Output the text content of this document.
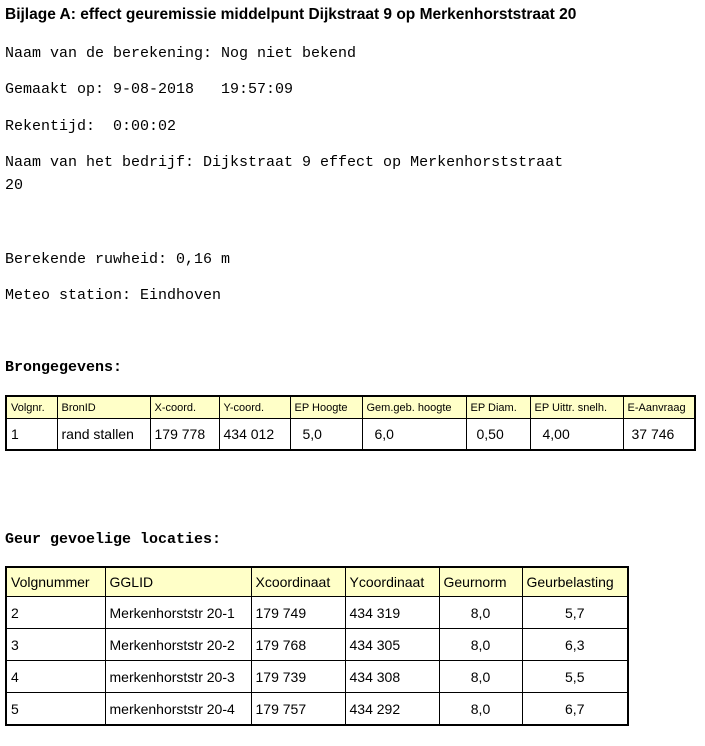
Bijlage A: effect geuremissie middelpunt Dijkstraat 9 op Merkenhorststraat 20
Naam van de berekening: Nog niet bekend
Gemaakt op: 9-08-2018   19:57:09
Rekentijd:  0:00:02
Naam van het bedrijf: Dijkstraat 9 effect op Merkenhorststraat
20
Berekende ruwheid: 0,16 m
Meteo station: Eindhoven
Brongegevens:
Volgnr.	BronID	X-coord.	Y-coord.	EP Hoogte	Gem.geb. hoogte	EP Diam.	EP Uittr. snelh.	E-Aanvraag
1	rand stallen	179 778	434 012	5,0	6,0	0,50	4,00	37 746
Geur gevoelige locaties:
Volgnummer	GGLID	Xcoordinaat	Ycoordinaat	Geurnorm	Geurbelasting
2	Merkenhorststr 20-1	179 749	434 319	8,0	5,7
3	Merkenhorststr 20-2	179 768	434 305	8,0	6,3
4	merkenhorststr 20-3	179 739	434 308	8,0	5,5
5	merkenhorststr 20-4	179 757	434 292	8,0	6,7
